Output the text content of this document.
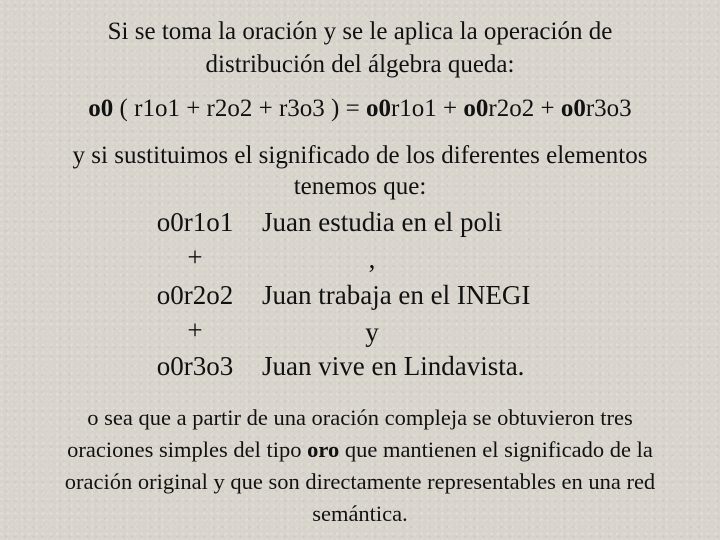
Si se toma la oración y se le aplica la operación de
distribución del álgebra queda:
o0 ( r1o1 + r2o2 + r3o3 ) = o0r1o1 + o0r2o2 + o0r3o3
y si sustituimos el significado de los diferentes elementos
tenemos que:
o0r1o1	Juan estudia en el poli
+	,
o0r2o2	Juan trabaja en el INEGI
+	y
o0r3o3	Juan vive en Lindavista.
o sea que a partir de una oración compleja se obtuvieron tres
oraciones simples del tipo oro que mantienen el significado de la
oración original y que son directamente representables en una red
semántica.
